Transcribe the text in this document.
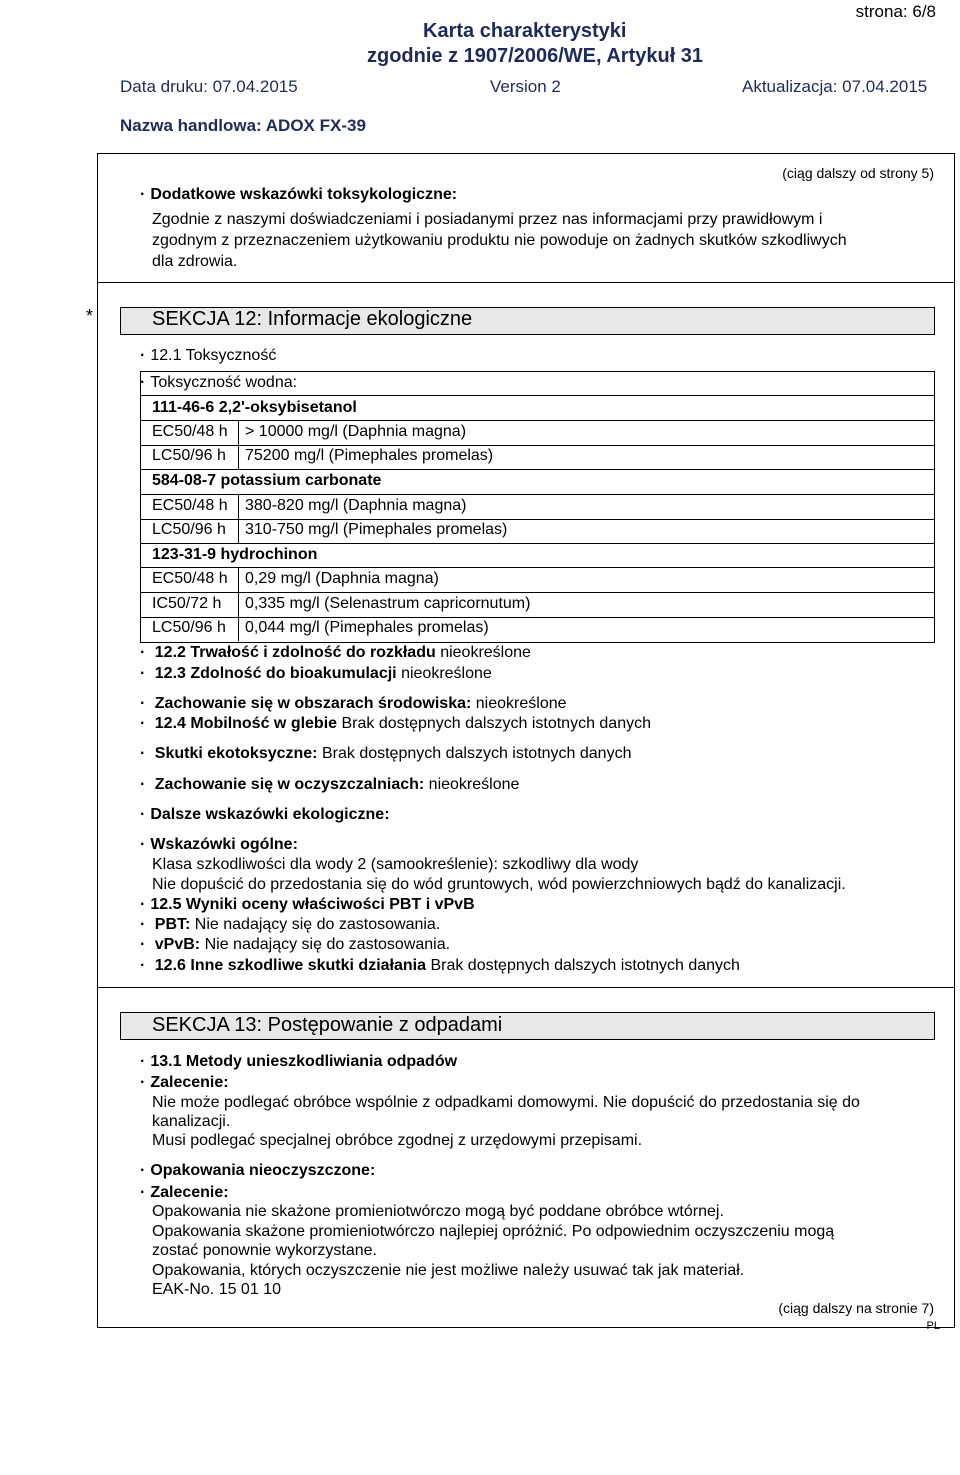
strona: 6/8
Karta charakterystyki
zgodnie z 1907/2006/WE, Artykuł 31
Data druku: 07.04.2015	Version 2	Aktualizacja: 07.04.2015
Nazwa handlowa: ADOX FX-39
(ciąg dalszy od strony 5)
· Dodatkowe wskazówki toksykologiczne:
Zgodnie z naszymi doświadczeniami i posiadanymi przez nas informacjami przy prawidłowym i
zgodnym z przeznaczeniem użytkowaniu produktu nie powoduje on żadnych skutków szkodliwych
dla zdrowia.
*	SEKCJA 12: Informacje ekologiczne
· 12.1 Toksyczność
· Toksyczność wodna:
111-46-6 2,2'-oksybisetanol
EC50/48 h > 10000 mg/l (Daphnia magna)
LC50/96 h 75200 mg/l (Pimephales promelas)
584-08-7 potassium carbonate
EC50/48 h 380-820 mg/l (Daphnia magna)
LC50/96 h 310-750 mg/l (Pimephales promelas)
123-31-9 hydrochinon
EC50/48 h 0,29 mg/l (Daphnia magna)
IC50/72 h 0,335 mg/l (Selenastrum capricornutum)
LC50/96 h 0,044 mg/l (Pimephales promelas)
· 12.2 Trwałość i zdolność do rozkładu nieokreślone
· 12.3 Zdolność do bioakumulacji nieokreślone
· Zachowanie się w obszarach środowiska: nieokreślone
· 12.4 Mobilność w glebie Brak dostępnych dalszych istotnych danych
· Skutki ekotoksyczne: Brak dostępnych dalszych istotnych danych
· Zachowanie się w oczyszczalniach: nieokreślone
· Dalsze wskazówki ekologiczne:
· Wskazówki ogólne:
Klasa szkodliwości dla wody 2 (samookreślenie): szkodliwy dla wody
Nie dopuścić do przedostania się do wód gruntowych, wód powierzchniowych bądź do kanalizacji.
· 12.5 Wyniki oceny właściwości PBT i vPvB
· PBT: Nie nadający się do zastosowania.
· vPvB: Nie nadający się do zastosowania.
· 12.6 Inne szkodliwe skutki działania Brak dostępnych dalszych istotnych danych
SEKCJA 13: Postępowanie z odpadami
· 13.1 Metody unieszkodliwiania odpadów
· Zalecenie:
Nie może podlegać obróbce wspólnie z odpadkami domowymi. Nie dopuścić do przedostania się do
kanalizacji.
Musi podlegać specjalnej obróbce zgodnej z urzędowymi przepisami.
· Opakowania nieoczyszczone:
· Zalecenie:
Opakowania nie skażone promieniotwórczo mogą być poddane obróbce wtórnej.
Opakowania skażone promieniotwórczo najlepiej opróżnić. Po odpowiednim oczyszczeniu mogą
zostać ponownie wykorzystane.
Opakowania, których oczyszczenie nie jest możliwe należy usuwać tak jak materiał.
EAK-No. 15 01 10
(ciąg dalszy na stronie 7)
PL
